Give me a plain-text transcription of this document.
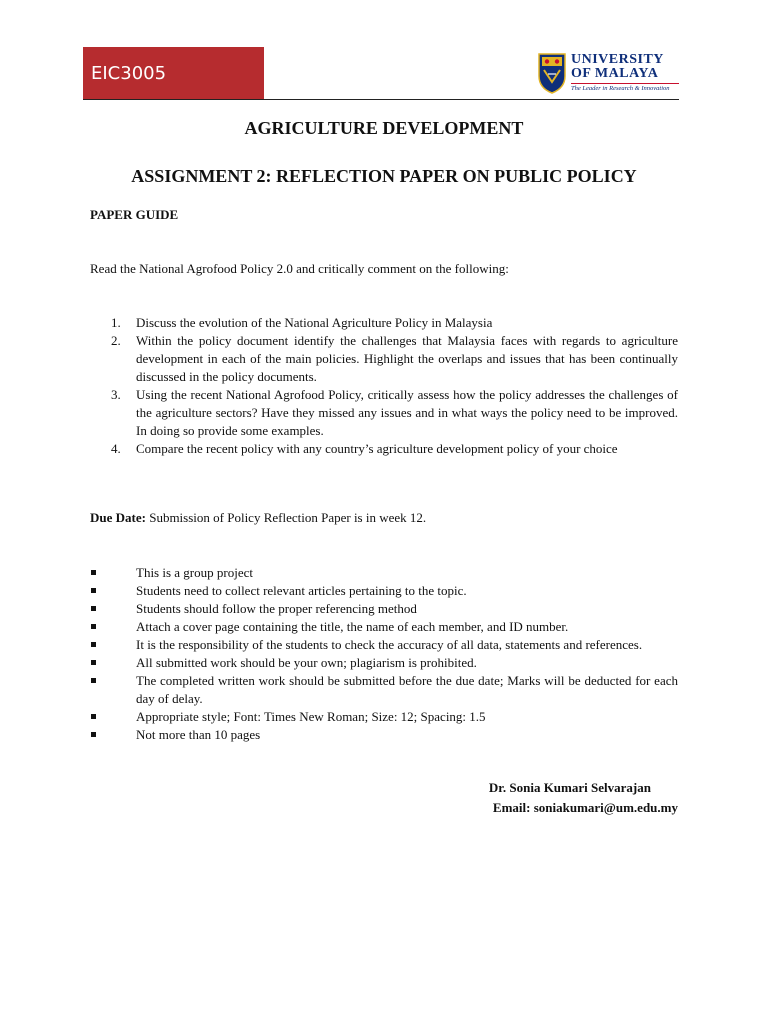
EIC3005
UNIVERSITY
OF MALAYA
The Leader in Research & Innovation
AGRICULTURE DEVELOPMENT
ASSIGNMENT 2: REFLECTION PAPER ON PUBLIC POLICY
PAPER GUIDE
Read the National Agrofood Policy 2.0 and critically comment on the following:
1. Discuss the evolution of the National Agriculture Policy in Malaysia
2. Within the policy document identify the challenges that Malaysia faces with regards to agriculture development in each of the main policies. Highlight the overlaps and issues that has been continually discussed in the policy documents.
3. Using the recent National Agrofood Policy, critically assess how the policy addresses the challenges of the agriculture sectors? Have they missed any issues and in what ways the policy need to be improved. In doing so provide some examples.
4. Compare the recent policy with any country’s agriculture development policy of your choice
Due Date: Submission of Policy Reflection Paper is in week 12.
This is a group project
Students need to collect relevant articles pertaining to the topic.
Students should follow the proper referencing method
Attach a cover page containing the title, the name of each member, and ID number.
It is the responsibility of the students to check the accuracy of all data, statements and references.
All submitted work should be your own; plagiarism is prohibited.
The completed written work should be submitted before the due date; Marks will be deducted for each day of delay.
Appropriate style; Font: Times New Roman; Size: 12; Spacing: 1.5
Not more than 10 pages
Dr. Sonia Kumari Selvarajan
Email: soniakumari@um.edu.my
